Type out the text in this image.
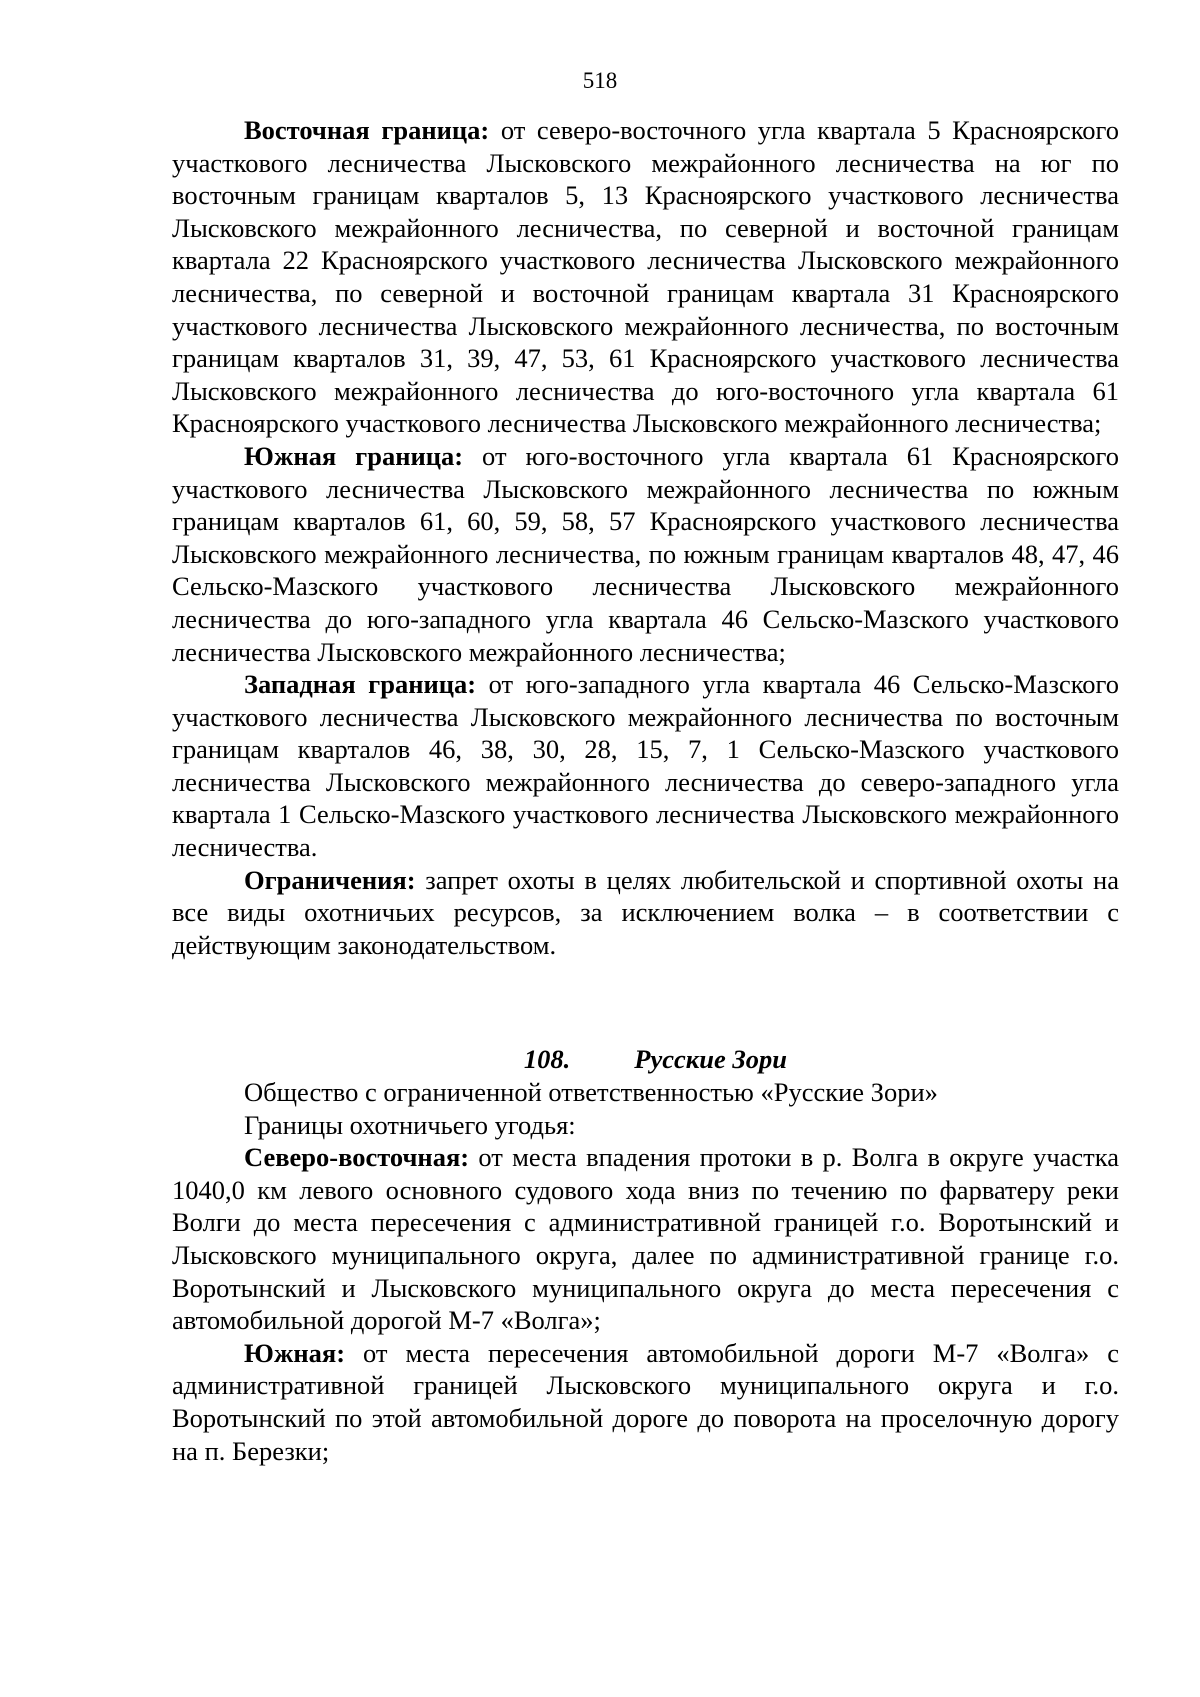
518

Восточная граница: от северо-восточного угла квартала 5 Красноярского участкового лесничества Лысковского межрайонного лесничества на юг по восточным границам кварталов 5, 13 Красноярского участкового лесничества Лысковского межрайонного лесничества, по северной и восточной границам квартала 22 Красноярского участкового лесничества Лысковского межрайонного лесничества, по северной и восточной границам квартала 31 Красноярского участкового лесничества Лысковского межрайонного лесничества, по восточным границам кварталов 31, 39, 47, 53, 61 Красноярского участкового лесничества Лысковского межрайонного лесничества до юго-восточного угла квартала 61 Красноярского участкового лесничества Лысковского межрайонного лесничества;

Южная граница: от юго-восточного угла квартала 61 Красноярского участкового лесничества Лысковского межрайонного лесничества по южным границам кварталов 61, 60, 59, 58, 57 Красноярского участкового лесничества Лысковского межрайонного лесничества, по южным границам кварталов 48, 47, 46 Сельско-Мазского участкового лесничества Лысковского межрайонного лесничества до юго-западного угла квартала 46 Сельско-Мазского участкового лесничества Лысковского межрайонного лесничества;

Западная граница: от юго-западного угла квартала 46 Сельско-Мазского участкового лесничества Лысковского межрайонного лесничества по восточным границам кварталов 46, 38, 30, 28, 15, 7, 1 Сельско-Мазского участкового лесничества Лысковского межрайонного лесничества до северо-западного угла квартала 1 Сельско-Мазского участкового лесничества Лысковского межрайонного лесничества.

Ограничения: запрет охоты в целях любительской и спортивной охоты на все виды охотничьих ресурсов, за исключением волка – в соответствии с действующим законодательством.

108. Русские Зори

Общество с ограниченной ответственностью «Русские Зори»

Границы охотничьего угодья:

Северо-восточная: от места впадения протоки в р. Волга в округе участка 1040,0 км левого основного судового хода вниз по течению по фарватеру реки Волги до места пересечения с административной границей г.о. Воротынский и Лысковского муниципального округа, далее по административной границе г.о. Воротынский и Лысковского муниципального округа до места пересечения с автомобильной дорогой М-7 «Волга»;

Южная: от места пересечения автомобильной дороги М-7 «Волга» с административной границей Лысковского муниципального округа и г.о. Воротынский по этой автомобильной дороге до поворота на проселочную дорогу на п. Березки;
